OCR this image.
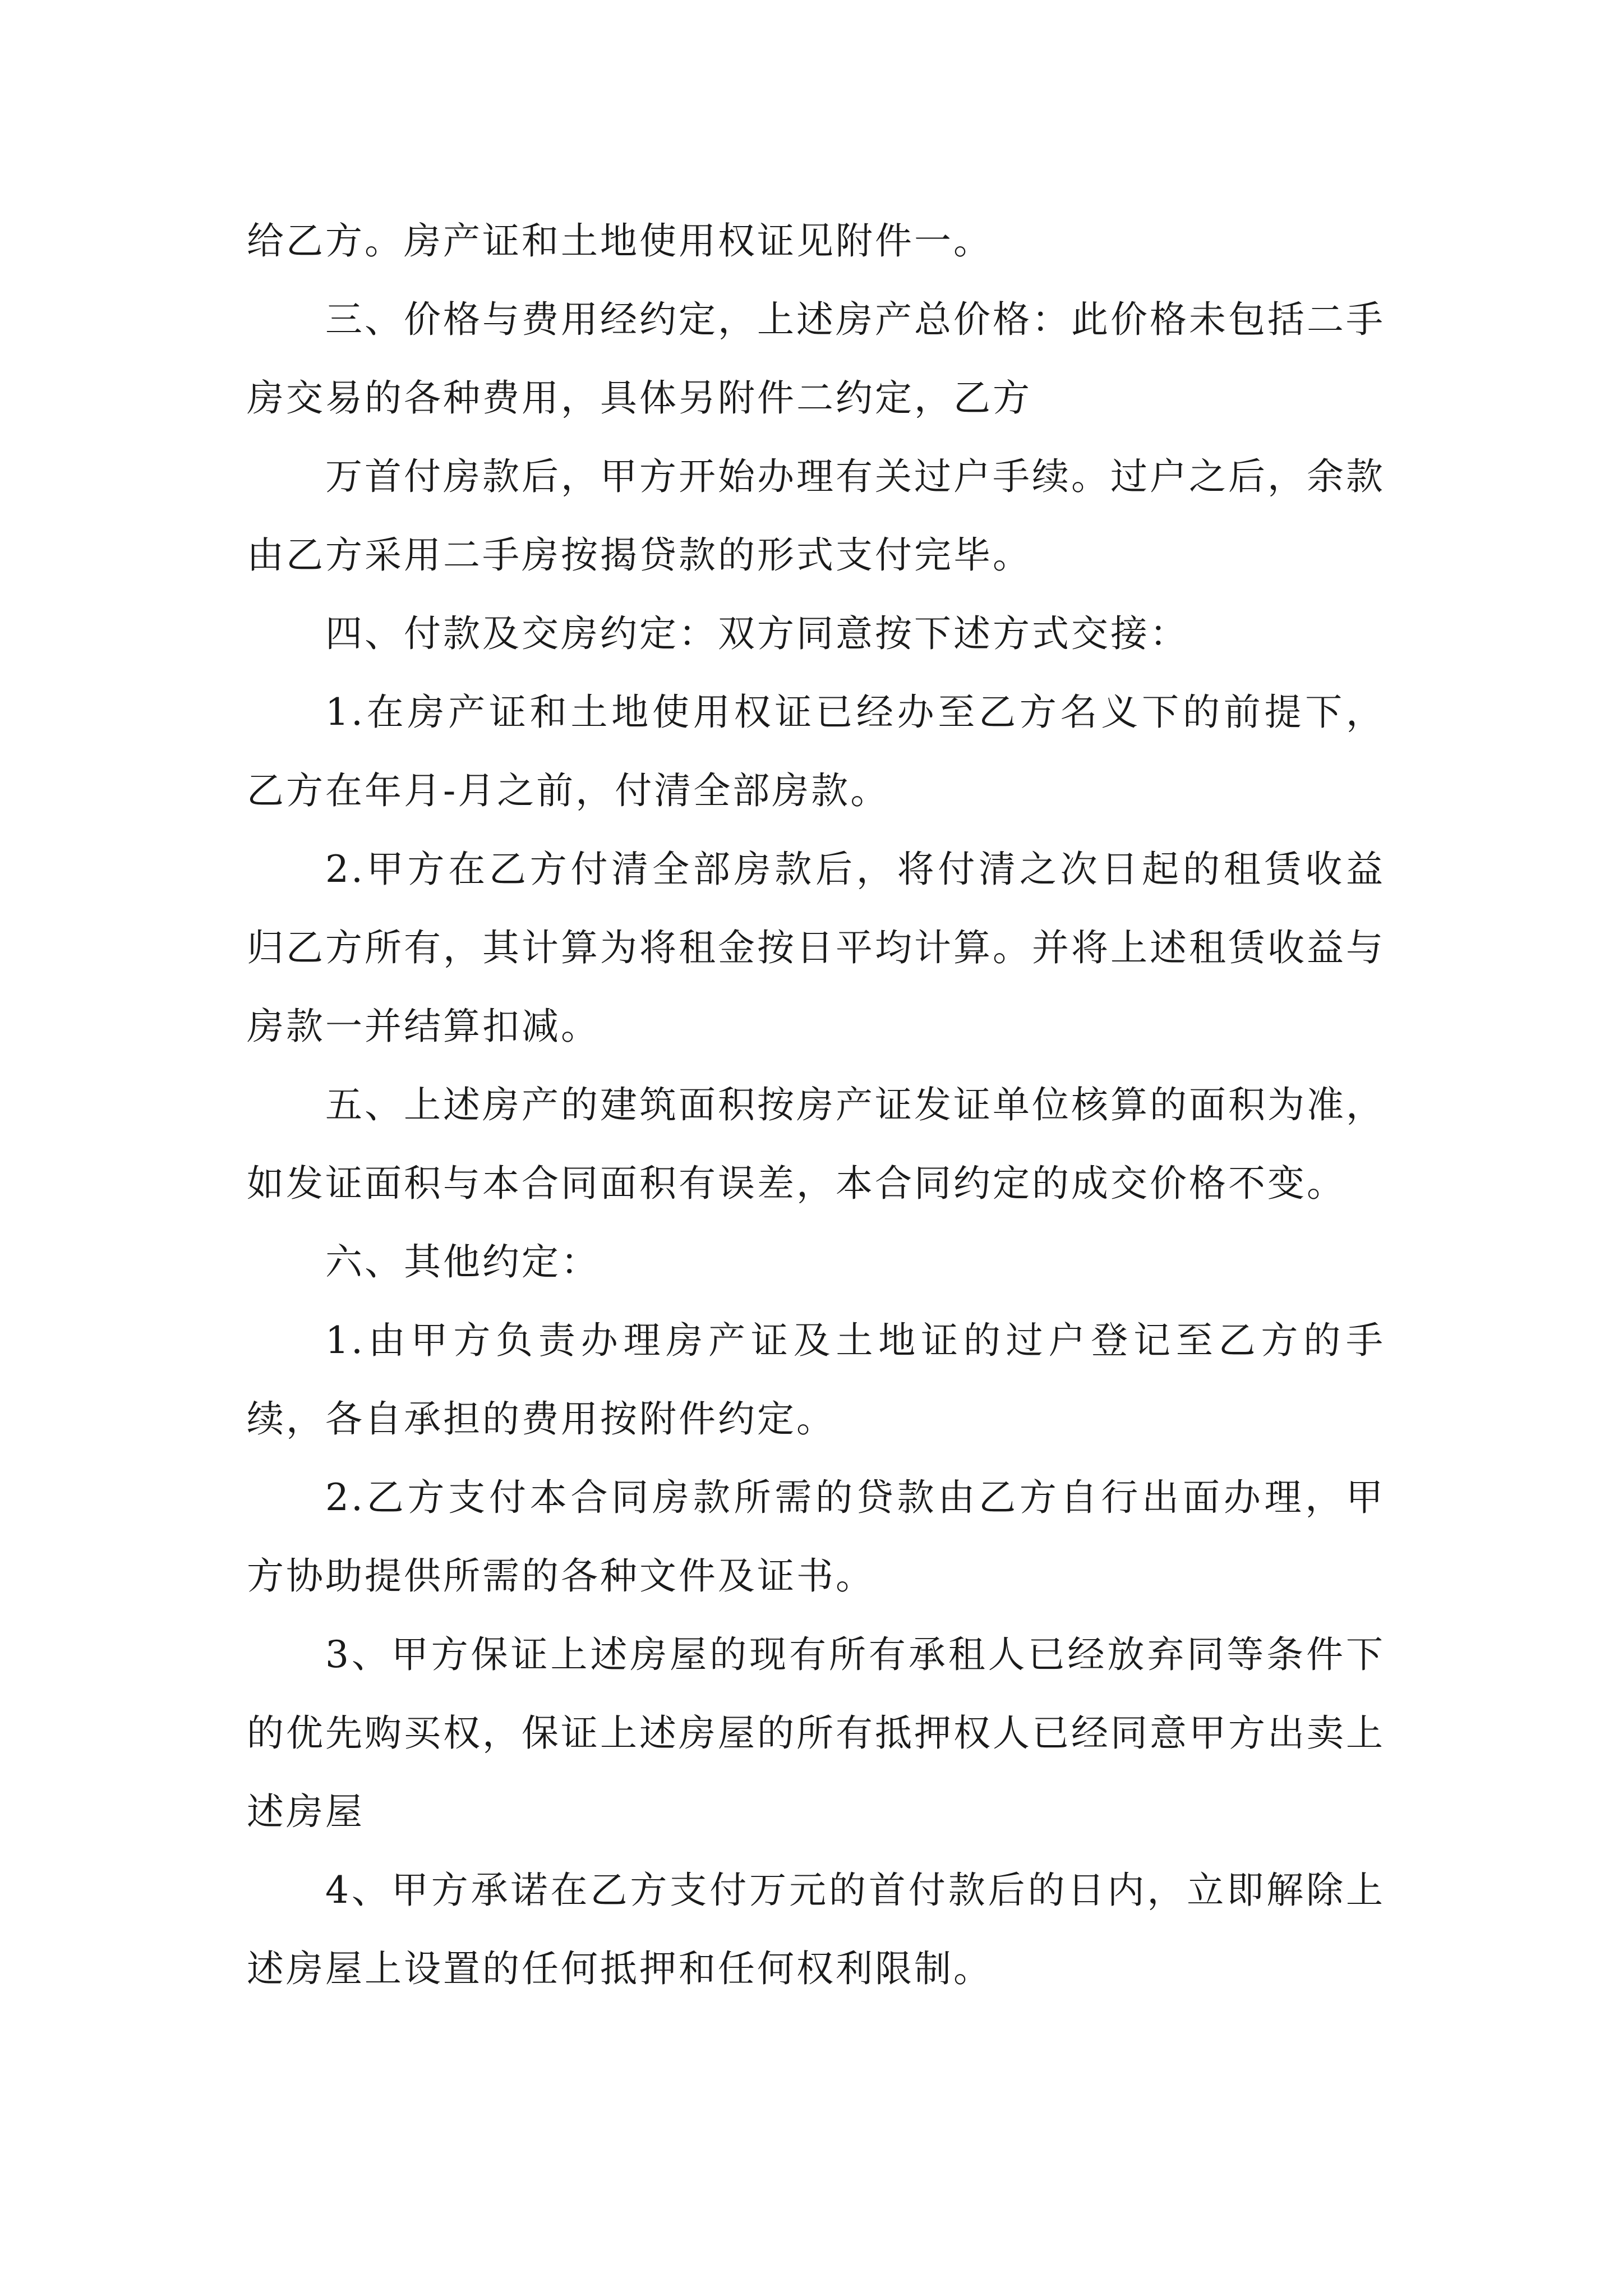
给乙方。房产证和土地使用权证见附件一。

三、价格与费用经约定，上述房产总价格：此价格未包括二手房交易的各种费用，具体另附件二约定，乙方

万首付房款后，甲方开始办理有关过户手续。过户之后，余款由乙方采用二手房按揭贷款的形式支付完毕。

四、付款及交房约定：双方同意按下述方式交接：

1.在房产证和土地使用权证已经办至乙方名义下的前提下，乙方在年月-月之前，付清全部房款。

2.甲方在乙方付清全部房款后，将付清之次日起的租赁收益归乙方所有，其计算为将租金按日平均计算。并将上述租赁收益与房款一并结算扣减。

五、上述房产的建筑面积按房产证发证单位核算的面积为准，如发证面积与本合同面积有误差，本合同约定的成交价格不变。

六、其他约定：

1.由甲方负责办理房产证及土地证的过户登记至乙方的手续，各自承担的费用按附件约定。

2.乙方支付本合同房款所需的贷款由乙方自行出面办理，甲方协助提供所需的各种文件及证书。

3、甲方保证上述房屋的现有所有承租人已经放弃同等条件下的优先购买权，保证上述房屋的所有抵押权人已经同意甲方出卖上述房屋

4、甲方承诺在乙方支付万元的首付款后的日内，立即解除上述房屋上设置的任何抵押和任何权利限制。
